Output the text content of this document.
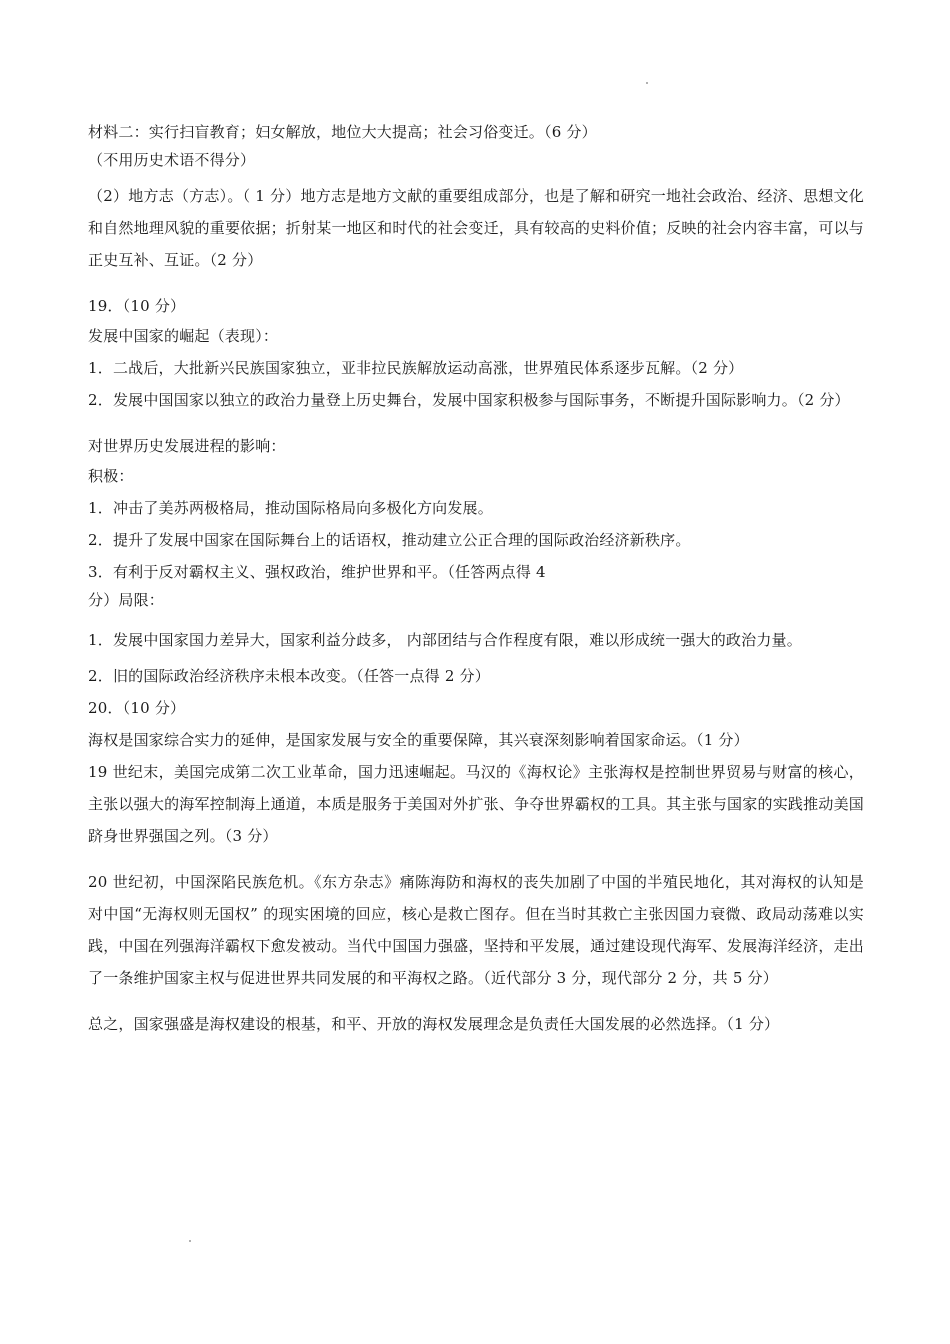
材料二：实行扫盲教育；妇女解放，地位大大提高；社会习俗变迁。（6 分）
（不用历史术语不得分）
（2）地方志（方志）。（ 1 分）地方志是地方文献的重要组成部分，也是了解和研究一地社会政治、经济、思想文化和自然地理风貌的重要依据；折射某一地区和时代的社会变迁，具有较高的史料价值；反映的社会内容丰富，可以与正史互补、互证。（2 分）
19．（10 分）
发展中国家的崛起（表现）：
1．二战后，大批新兴民族国家独立，亚非拉民族解放运动高涨，世界殖民体系逐步瓦解。（2 分）
2．发展中国国家以独立的政治力量登上历史舞台，发展中国家积极参与国际事务，不断提升国际影响力。（2 分）
对世界历史发展进程的影响：
积极：
1．冲击了美苏两极格局，推动国际格局向多极化方向发展。
2．提升了发展中国家在国际舞台上的话语权，推动建立公正合理的国际政治经济新秩序。
3．有利于反对霸权主义、强权政治，维护世界和平。（任答两点得 4
分）局限：
1．发展中国家国力差异大，国家利益分歧多， 内部团结与合作程度有限，难以形成统一强大的政治力量。
2．旧的国际政治经济秩序未根本改变。（任答一点得 2 分）
20．（10 分）
海权是国家综合实力的延伸，是国家发展与安全的重要保障，其兴衰深刻影响着国家命运。（1 分）
19 世纪末，美国完成第二次工业革命，国力迅速崛起。马汉的《海权论》主张海权是控制世界贸易与财富的核心，主张以强大的海军控制海上通道，本质是服务于美国对外扩张、争夺世界霸权的工具。其主张与国家的实践推动美国跻身世界强国之列。（3 分）
20 世纪初，中国深陷民族危机。《东方杂志》痛陈海防和海权的丧失加剧了中国的半殖民地化，其对海权的认知是对中国“无海权则无国权” 的现实困境的回应，核心是救亡图存。但在当时其救亡主张因国力衰微、政局动荡难以实践，中国在列强海洋霸权下愈发被动。当代中国国力强盛，坚持和平发展，通过建设现代海军、发展海洋经济，走出了一条维护国家主权与促进世界共同发展的和平海权之路。（近代部分 3 分，现代部分 2 分，共 5 分）
总之，国家强盛是海权建设的根基，和平、开放的海权发展理念是负责任大国发展的必然选择。（1 分）
